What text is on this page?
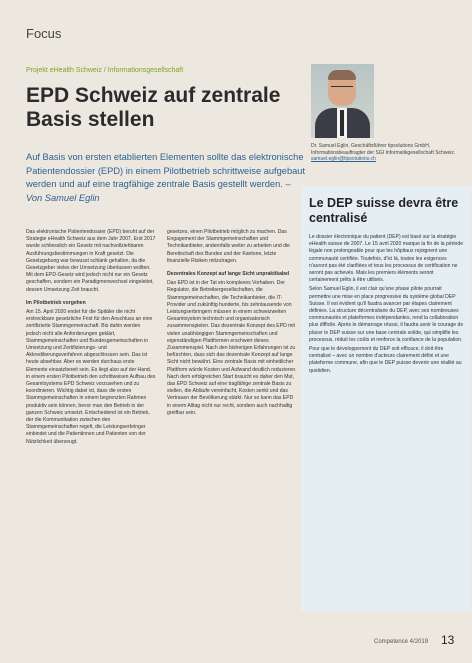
Focus
Projekt eHealth Schweiz / Informationsgesellschaft
EPD Schweiz auf zentrale Basis stellen
Auf Basis von ersten etablierten Elementen sollte das elektronische Patientendossier (EPD) in einem Pilotbetrieb schrittweise aufgebaut werden und auf eine tragfähige zentrale Basis gestellt werden. – Von Samuel Eglin
Dr. Samuel Eglin, Geschäftsführer tipsolutions GmbH, Informationsbeauftragter der SGI Informatikgesellschaft Schweiz. samuel.eglin@tipsolutions.ch

Das elektronische Patientendossier (EPD) beruht auf der Strategie eHealth Schweiz aus dem Jahr 2007. Erst 2017 wurde schliesslich ein Gesetz mit nachvollziehbaren Ausführungsbestimmungen in Kraft gesetzt. Die Gesetzgebung war bewusst schlank gehalten, da die Gesetzgeber vieles der Umsetzung überlassen wollten. Mit dem EPD-Gesetz wird jedoch nicht nur ein Gesetz geschaffen, sondern ein Paradigmenwechsel eingeleitet, dessen Umsetzung Zeit braucht.

Im Pilotbetrieb vorgehen

Am 15. April 2020 endet für die Spitäler die nicht erstreckbare gesetzliche Frist für den Anschluss an eine zertifizierte Stammgemeinschaft. Bis dahin werden jedoch nicht alle Anforderungen geklärt, Stammgemeinschaften und Bundesgemeinschaften in Umsetzung und Zertifizierungs- und Akkreditierungsverfahren abgeschlossen sein. Das ist heute absehbar. Aber es werden durchaus erste Elemente einsatzbereit sein. Es liegt also auf der Hand, in einem ersten Pilotbetrieb den schrittweisen Aufbau des Gesamtsystems EPD Schweiz vorzusehen und zu koordinieren. Wichtig dabei ist, dass die ersten Stammgemeinschaften in einem begrenzten Rahmen produktiv sein können, bevor man den Betrieb in der ganzen Schweiz umsetzt. Entscheidend ist ein Betrieb, der die Kommunikation zwischen den Stammgemeinschaften regelt, die Leistungserbringer einbindet und die Patientinnen und Patienten von der Nützlichkeit überzeugt.

gesetzes, einen Pilotbetrieb möglich zu machen. Das Engagement der Stammgemeinschaften und Technikanbieter, andernfalls weiter zu arbeiten und die Bereitschaft des Bundes und der Kantone, letzte finanzielle Risiken mitzutragen.

Dezentrales Konzept auf lange Sicht unpraktikabel

Das EPD ist in der Tat ein komplexes Vorhaben. Der Regulator, die Betreibergesellschaften, die Stammgemeinschaften, die Technikanbieter, die IT-Provider und zukünftig hunderte, bis zehntausende von Leistungserbringern müssen in einem schweizweiten Gesamtsystem technisch und organisatorisch zusammenspielen. Das dezentrale Konzept des EPD mit vielen unabhängigen Stammgemeinschaften und eigenständigen Plattformen erschwert dieses Zusammenspiel. Nach den bisherigen Erfahrungen ist zu befürchten, dass sich das dezentrale Konzept auf lange Sicht nicht bewährt. Eine zentrale Basis mit einheitlicher Plattform würde Kosten und Aufwand deutlich reduzieren. Nach dem erfolgreichen Start braucht es daher den Mut, das EPD Schweiz auf eine tragfähige zentrale Basis zu stellen, die Abläufe vereinfacht, Kosten senkt und das Vertrauen der Bevölkerung stärkt. Nur so kann das EPD in einem Alltag nicht nur recht, sondern auch nachhaltig greifbar sein.

Le DEP suisse devra être centralisé

Le dossier électronique du patient (DEP) est basé sur la stratégie eHealth suisse de 2007. Le 15 avril 2020 marque la fin de la période légale non prolongeable pour que les hôpitaux rejoignent une communauté certifiée. Toutefois, d'ici là, toutes les exigences n'auront pas été clarifiées et tous les processus de certification ne seront pas achevés. Mais les premiers éléments seront certainement prêts à être utilisés.

Selon Samuel Eglin, il est clair qu'une phase pilote pourrait permettre une mise en place progressive du système global DEP Suisse. Il est évident qu'il faudra avancer par étapes clairement définies. La structure décentralisée du DEP, avec ses nombreuses communautés et plateformes indépendantes, rend la collaboration plus difficile. Après le démarrage réussi, il faudra avoir le courage de placer le DEP suisse sur une base centrale solide, qui simplifie les processus, réduit les coûts et renforce la confiance de la population.

Pour que le développement du DEP soit efficace, il doit être centralisé – avec un nombre d'acteurs clairement défini et une plateforme commune, afin que le DEP puisse devenir une réalité au quotidien.

Competence 4/2019 13
